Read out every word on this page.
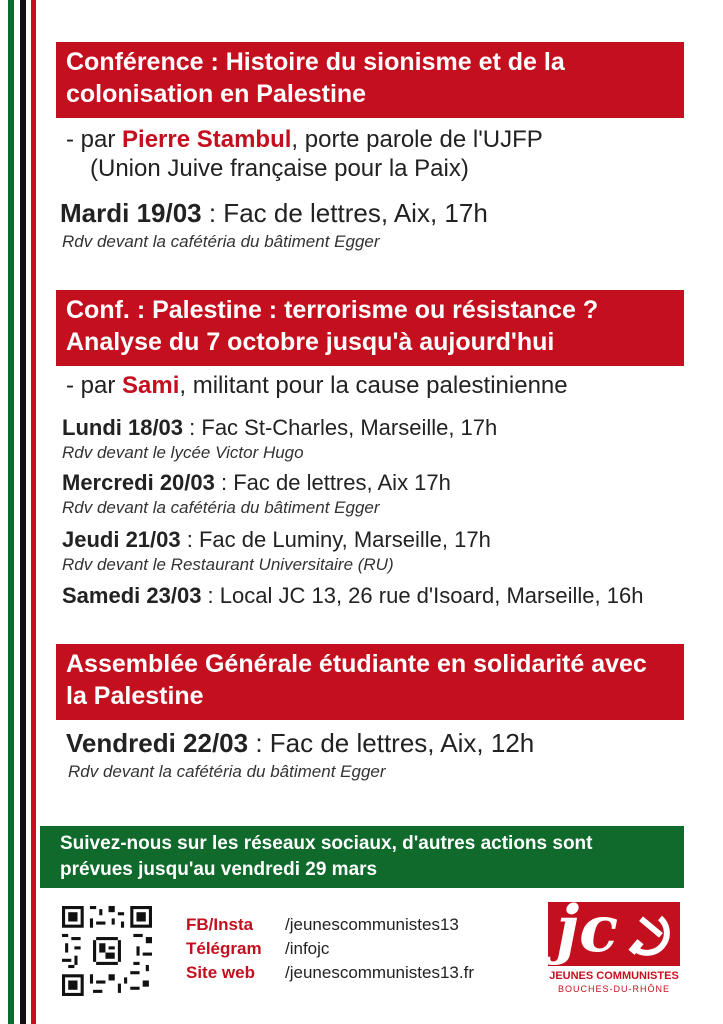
Conférence : Histoire du sionisme et de la colonisation en Palestine
- par Pierre Stambul, porte parole de l'UJFP
(Union Juive française pour la Paix)
Mardi 19/03 : Fac de lettres, Aix, 17h
Rdv devant la cafétéria du bâtiment Egger
Conf. : Palestine : terrorisme ou résistance ? Analyse du 7 octobre jusqu'à aujourd'hui
- par Sami, militant pour la cause palestinienne
Lundi 18/03 : Fac St-Charles, Marseille, 17h
Rdv devant le lycée Victor Hugo
Mercredi 20/03 : Fac de lettres, Aix 17h
Rdv devant la cafétéria du bâtiment Egger
Jeudi 21/03 : Fac de Luminy, Marseille, 17h
Rdv devant le Restaurant Universitaire (RU)
Samedi 23/03 : Local JC 13, 26 rue d'Isoard, Marseille, 16h
Assemblée Générale étudiante en solidarité avec la Palestine
Vendredi 22/03 : Fac de lettres, Aix, 12h
Rdv devant la cafétéria du bâtiment Egger
Suivez-nous sur les réseaux sociaux, d'autres actions sont prévues jusqu'au vendredi 29 mars
FB/Insta /jeunescommunistes13
Télégram /infojc
Site web /jeunescommunistes13.fr
jc
JEUNES COMMUNISTES
BOUCHES-DU-RHÔNE
